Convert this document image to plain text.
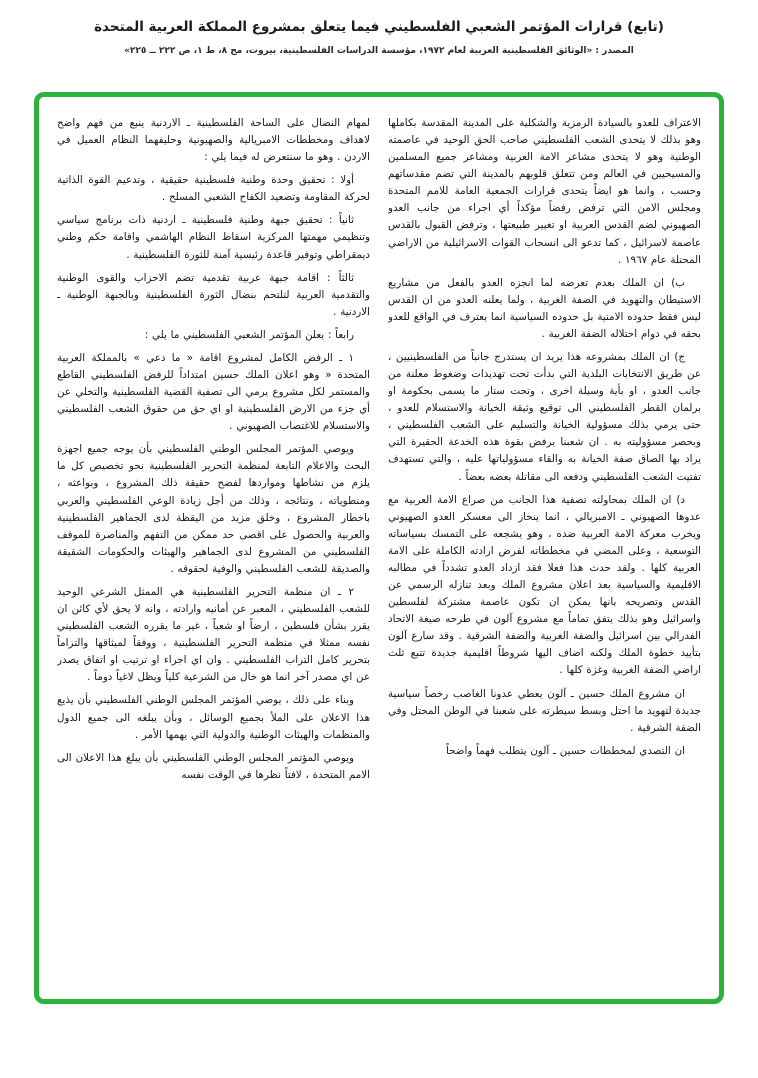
(تابع) قرارات المؤتمر الشعبي الفلسطيني فيما يتعلق بمشروع المملكة العربية المتحدة
المصدر : «الوثائق الفلسطينية العربية لعام ١٩٧٢، مؤسسة الدراسات الفلسطينية، بيروت، مج ٨، ط ١، ص ٢٢٢ ــ ٢٢٥»

الاعتراف للعدو بالسيادة الرمزية والشكلية على المدينة المقدسة بكاملها وهو بذلك لا يتحدى الشعب الفلسطيني صاحب الحق الوحيد في عاصمته الوطنية وهو لا يتحدى مشاعر الامة العربية ومشاعر جميع المسلمين والمسيحيين في العالم ومن تتعلق قلوبهم بالمدينة التي تضم مقدساتهم وحسب ، وانما هو ايضاً يتحدى قرارات الجمعية العامة للامم المتحدة ومجلس الامن التي ترفض رفضاً مؤكداً أي اجراء من جانب العدو الصهيوني لضم القدس العربية او تغيير طبيعتها ، وترفض القبول بالقدس عاصمة لاسرائيل ، كما تدعو الى انسحاب القوات الاسرائيلية من الاراضي المحتلة عام ١٩٦٧ .

ب) ان الملك بعدم تعرضه لما انجزه العدو بالفعل من مشاريع الاستيطان والتهويد في الضفة الغربية ، ولما يعلنه العدو من ان القدس ليس فقط حدوده الامنية بل حدوده السياسية انما يعترف في الواقع للعدو بحقه في دوام احتلاله الضفة الغربية .

ج) ان الملك بمشروعه هذا يريد ان يستدرج جانباً من الفلسطينيين ، عن طريق الانتخابات البلدية التي بدأت تحت تهديدات وضغوط معلنة من جانب العدو ، او بأية وسيلة اخرى ، وتحت ستار ما يسمى بحكومة او برلمان القطر الفلسطيني الى توقيع وثيقة الخيانة والاستسلام للعدو ، حتى يرمي بذلك مسؤولية الخيانة والتسليم على الشعب الفلسطيني ، وبحصر مسؤوليته به . ان شعبنا يرفض بقوة هذه الخدعة الحقيرة التي يراد بها الصاق صفة الخيانة به والقاء مسؤولياتها عليه ، والتي تستهدف تفتيت الشعب الفلسطيني ودفعه الى مقاتلة بعضه بعضاً .

د) ان الملك بمحاولته تصفية هذا الجانب من صراع الامة العربية مع عدوها الصهيوني ـ الامبريالي ، انما ينحاز الى معسكر العدو الصهيوني ويخرب معركة الامة العربية ضده ، وهو يشجعه على التمسك بسياساته التوسعية ، وعلى المضي في مخططاته لفرض ارادته الكاملة على الامة العربية كلها . ولقد حدث هذا فعلا فقد ازداد العدو تشدداً في مطالبه الاقليمية والسياسية بعد اعلان مشروع الملك وبعد تنازله الرسمي عن القدس وتصريحه بانها يمكن ان تكون عاصمة مشتركة لفلسطين واسرائيل وهو بذلك يتفق تماماً مع مشروع آلون في طرحه صيغة الاتحاد الفدرالي بين اسرائيل والضفة الغربية والضفة الشرقية . وقد سارع آلون بتأييد خطوة الملك ولكنه اضاف اليها شروطاً اقليمية جديدة تتبع ثلث اراضي الضفة الغربية وغزة كلها .

ان مشروع الملك حسين ـ آلون يعطي عدونا الغاصب رخصاً سياسية جديدة لتهويد ما احتل وبسط سيطرته على شعبنا في الوطن المحتل وفي الضفة الشرقية .

ان التصدي لمخططات حسين ـ آلون يتطلب فهماً واضحاً

لمهام النضال على الساحة الفلسطينية ـ الاردنية ينبع من فهم واضح لاهداف ومخططات الامبريالية والصهيونية وحليفهما النظام العميل في الاردن . وهو ما سنتعرض له فيما يلي :

أولا : تحقيق وحدة وطنية فلسطينية حقيقية ، وتدعيم القوة الذاتية لحركة المقاومة وتصعيد الكفاح الشعبي المسلح .

ثانياً : تحقيق جبهة وطنية فلسطينية ـ اردنية ذات برنامج سياسي وتنظيمي مهمتها المركزية اسقاط النظام الهاشمي واقامة حكم وطني ديمقراطي وتوفير قاعدة رئيسية آمنة للثورة الفلسطينية .

ثالثاً : اقامة جبهة عربية تقدمية تضم الاحزاب والقوى الوطنية والتقدمية العربية لتلتحم بنضال الثورة الفلسطينية وبالجبهة الوطنية ـ الاردنية .

رابعاً : يعلن المؤتمر الشعبي الفلسطيني ما يلي :

١ ـ الرفض الكامل لمشروع اقامة « ما دعي » بالمملكة العربية المتحدة « وهو اعلان الملك حسين امتداداً للرفض الفلسطيني القاطع والمستمر لكل مشروع يرمي الى تصفية القضية الفلسطينية والتخلي عن أي جزء من الارض الفلسطينية او اي حق من حقوق الشعب الفلسطيني والاستسلام للاغتصاب الصهيوني .

ويوصي المؤتمر المجلس الوطني الفلسطيني بأن يوجه جميع اجهزة البحث والاعلام التابعة لمنظمة التحرير الفلسطينية نحو تخصيص كل ما يلزم من نشاطها ومواردها لفضح حقيقة ذلك المشروع ، وبواعثه ، ومنطوياته ، ونتائجه ، وذلك من أجل زيادة الوعي الفلسطيني والعربي باخطار المشروع ، وخلق مزيد من اليقظة لدى الجماهير الفلسطينية والعربية والحصول على اقصى حد ممكن من التفهم والمناصرة للموقف الفلسطيني من المشروع لدى الجماهير والهيئات والحكومات الشقيقة والصديقة للشعب الفلسطيني والوفية لحقوقه .

٢ ـ ان منظمة التحرير الفلسطينية هي الممثل الشرعي الوحيد للشعب الفلسطيني ، المعبر عن أمانيه وارادته ، وانه لا يحق لأي كائن ان يقرر بشأن فلسطين ، ارضاً او شعباً ، غير ما يقرره الشعب الفلسطيني نفسه ممثلا في منظمة التحرير الفلسطينية ، ووفقاً لميثاقها والتزاماً بتحرير كامل التراب الفلسطيني . وان اي اجراء او ترتيب او اتفاق يصدر عن اي مصدر آخر انما هو خال من الشرعية كلياً ويظل لاغياً دوماً .

وبناء على ذلك ، يوصي المؤتمر المجلس الوطني الفلسطيني بأن يذيع هذا الاعلان على الملأ بجميع الوسائل ، وبأن يبلغه الى جميع الدول والمنظمات والهيئات الوطنية والدولية التي يهمها الأمر .

ويوصي المؤتمر المجلس الوطني الفلسطيني بأن يبلغ هذا الاعلان الى الامم المتحدة ، لافتاً نظرها في الوقت نفسه
